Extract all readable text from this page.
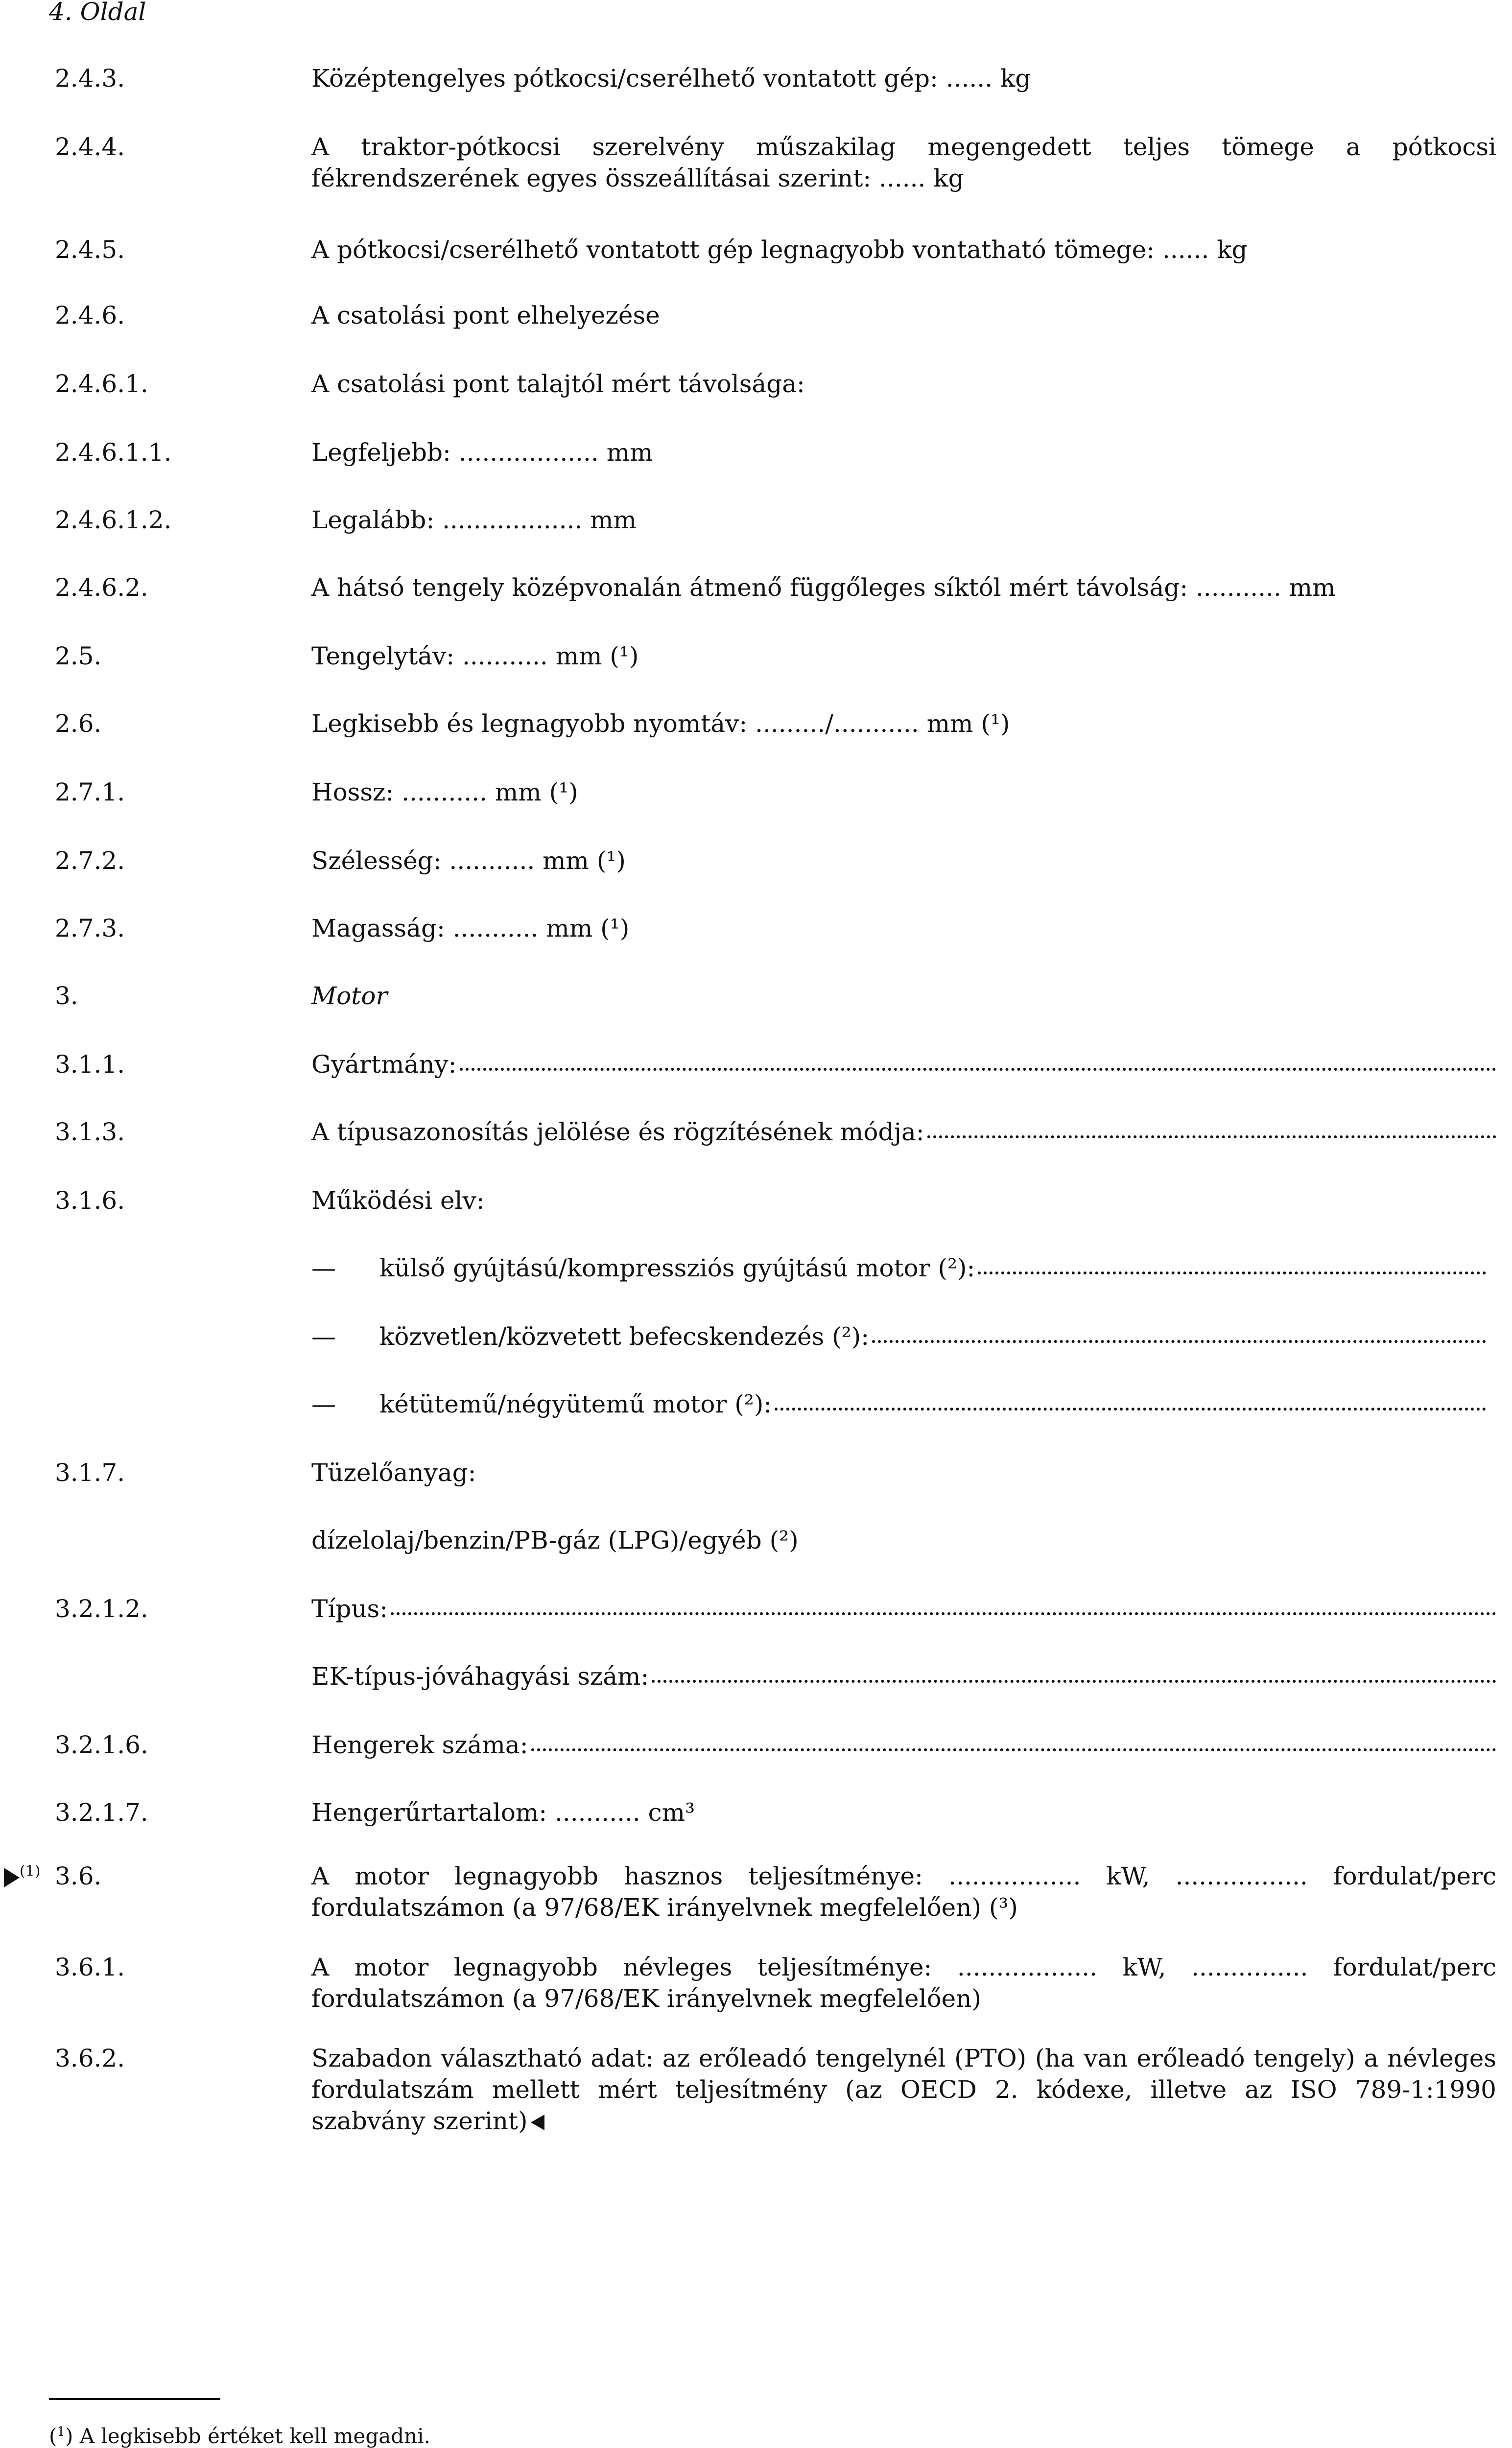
4. Oldal
2.4.3.	Középtengelyes pótkocsi/cserélhető vontatott gép: ...... kg
2.4.4.	A traktor-pótkocsi szerelvény műszakilag megengedett teljes tömege a pótkocsi fékrendszerének egyes összeállításai szerint: ...... kg
2.4.5.	A pótkocsi/cserélhető vontatott gép legnagyobb vontatható tömege: ...... kg
2.4.6.	A csatolási pont elhelyezése
2.4.6.1.	A csatolási pont talajtól mért távolsága:
2.4.6.1.1.	Legfeljebb: .................. mm
2.4.6.1.2.	Legalább: .................. mm
2.4.6.2.	A hátsó tengely középvonalán átmenő függőleges síktól mért távolság: ........... mm
2.5.	Tengelytáv: ........... mm (¹)
2.6.	Legkisebb és legnagyobb nyomtáv: ........./........... mm (¹)
2.7.1.	Hossz: ........... mm (¹)
2.7.2.	Szélesség: ........... mm (¹)
2.7.3.	Magasság: ........... mm (¹)
3.	Motor
3.1.1.	Gyártmány:
3.1.3.	A típusazonosítás jelölése és rögzítésének módja:
3.1.6.	Működési elv:
— külső gyújtású/kompressziós gyújtású motor (²):
— közvetlen/közvetett befecskendezés (²):
— kétütemű/négyütemű motor (²):
3.1.7.	Tüzelőanyag:
dízelolaj/benzin/PB-gáz (LPG)/egyéb (²)
3.2.1.2.	Típus:
EK-típus-jóváhagyási szám:
3.2.1.6.	Hengerek száma:
3.2.1.7.	Hengerűrtartalom: ........... cm³
$^{(1)}$ 3.6.	A motor legnagyobb hasznos teljesítménye: ................. kW, ................. fordulat/perc fordulatszámon (a 97/68/EK irányelvnek megfelelően) (³)
3.6.1.	A motor legnagyobb névleges teljesítménye: .................. kW, ............... fordulat/perc fordulatszámon (a 97/68/EK irányelvnek megfelelően)
3.6.2.	Szabadon választható adat: az erőleadó tengelynél (PTO) (ha van erőleadó tengely) a névleges fordulatszám mellett mért teljesítmény (az OECD 2. kódexe, illetve az ISO 789-1:1990 szabvány szerint)
($^1$) A legkisebb értéket kell megadni.
